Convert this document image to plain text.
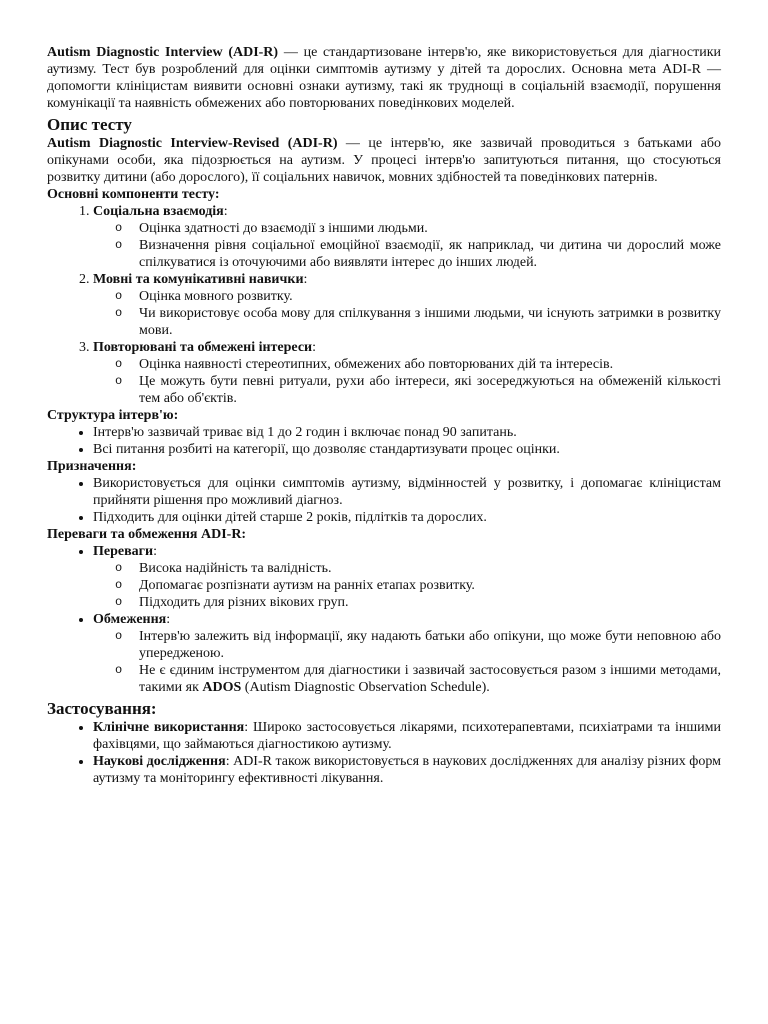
Autism Diagnostic Interview (ADI-R) — це стандартизоване інтерв'ю, яке використовується для діагностики аутизму. Тест був розроблений для оцінки симптомів аутизму у дітей та дорослих. Основна мета ADI-R — допомогти клініцистам виявити основні ознаки аутизму, такі як труднощі в соціальній взаємодії, порушення комунікації та наявність обмежених або повторюваних поведінкових моделей.

Опис тесту

Autism Diagnostic Interview-Revised (ADI-R) — це інтерв'ю, яке зазвичай проводиться з батьками або опікунами особи, яка підозрюється на аутизм. У процесі інтерв'ю запитуються питання, що стосуються розвитку дитини (або дорослого), її соціальних навичок, мовних здібностей та поведінкових патернів.

Основні компоненти тесту:
1. Соціальна взаємодія:
o Оцінка здатності до взаємодії з іншими людьми.
o Визначення рівня соціальної емоційної взаємодії, як наприклад, чи дитина чи дорослий може спілкуватися із оточуючими або виявляти інтерес до інших людей.
2. Мовні та комунікативні навички:
o Оцінка мовного розвитку.
o Чи використовує особа мову для спілкування з іншими людьми, чи існують затримки в розвитку мови.
3. Повторювані та обмежені інтереси:
o Оцінка наявності стереотипних, обмежених або повторюваних дій та інтересів.
o Це можуть бути певні ритуали, рухи або інтереси, які зосереджуються на обмеженій кількості тем або об'єктів.
Структура інтерв'ю:
• Інтерв'ю зазвичай триває від 1 до 2 годин і включає понад 90 запитань.
• Всі питання розбиті на категорії, що дозволяє стандартизувати процес оцінки.
Призначення:
• Використовується для оцінки симптомів аутизму, відмінностей у розвитку, і допомагає клініцистам прийняти рішення про можливий діагноз.
• Підходить для оцінки дітей старше 2 років, підлітків та дорослих.
Переваги та обмеження ADI-R:
• Переваги:
o Висока надійність та валідність.
o Допомагає розпізнати аутизм на ранніх етапах розвитку.
o Підходить для різних вікових груп.
• Обмеження:
o Інтерв'ю залежить від інформації, яку надають батьки або опікуни, що може бути неповною або упередженою.
o Не є єдиним інструментом для діагностики і зазвичай застосовується разом з іншими методами, такими як ADOS (Autism Diagnostic Observation Schedule).
Застосування:
• Клінічне використання: Широко застосовується лікарями, психотерапевтами, психіатрами та іншими фахівцями, що займаються діагностикою аутизму.
• Наукові дослідження: ADI-R також використовується в наукових дослідженнях для аналізу різних форм аутизму та моніторингу ефективності лікування.
